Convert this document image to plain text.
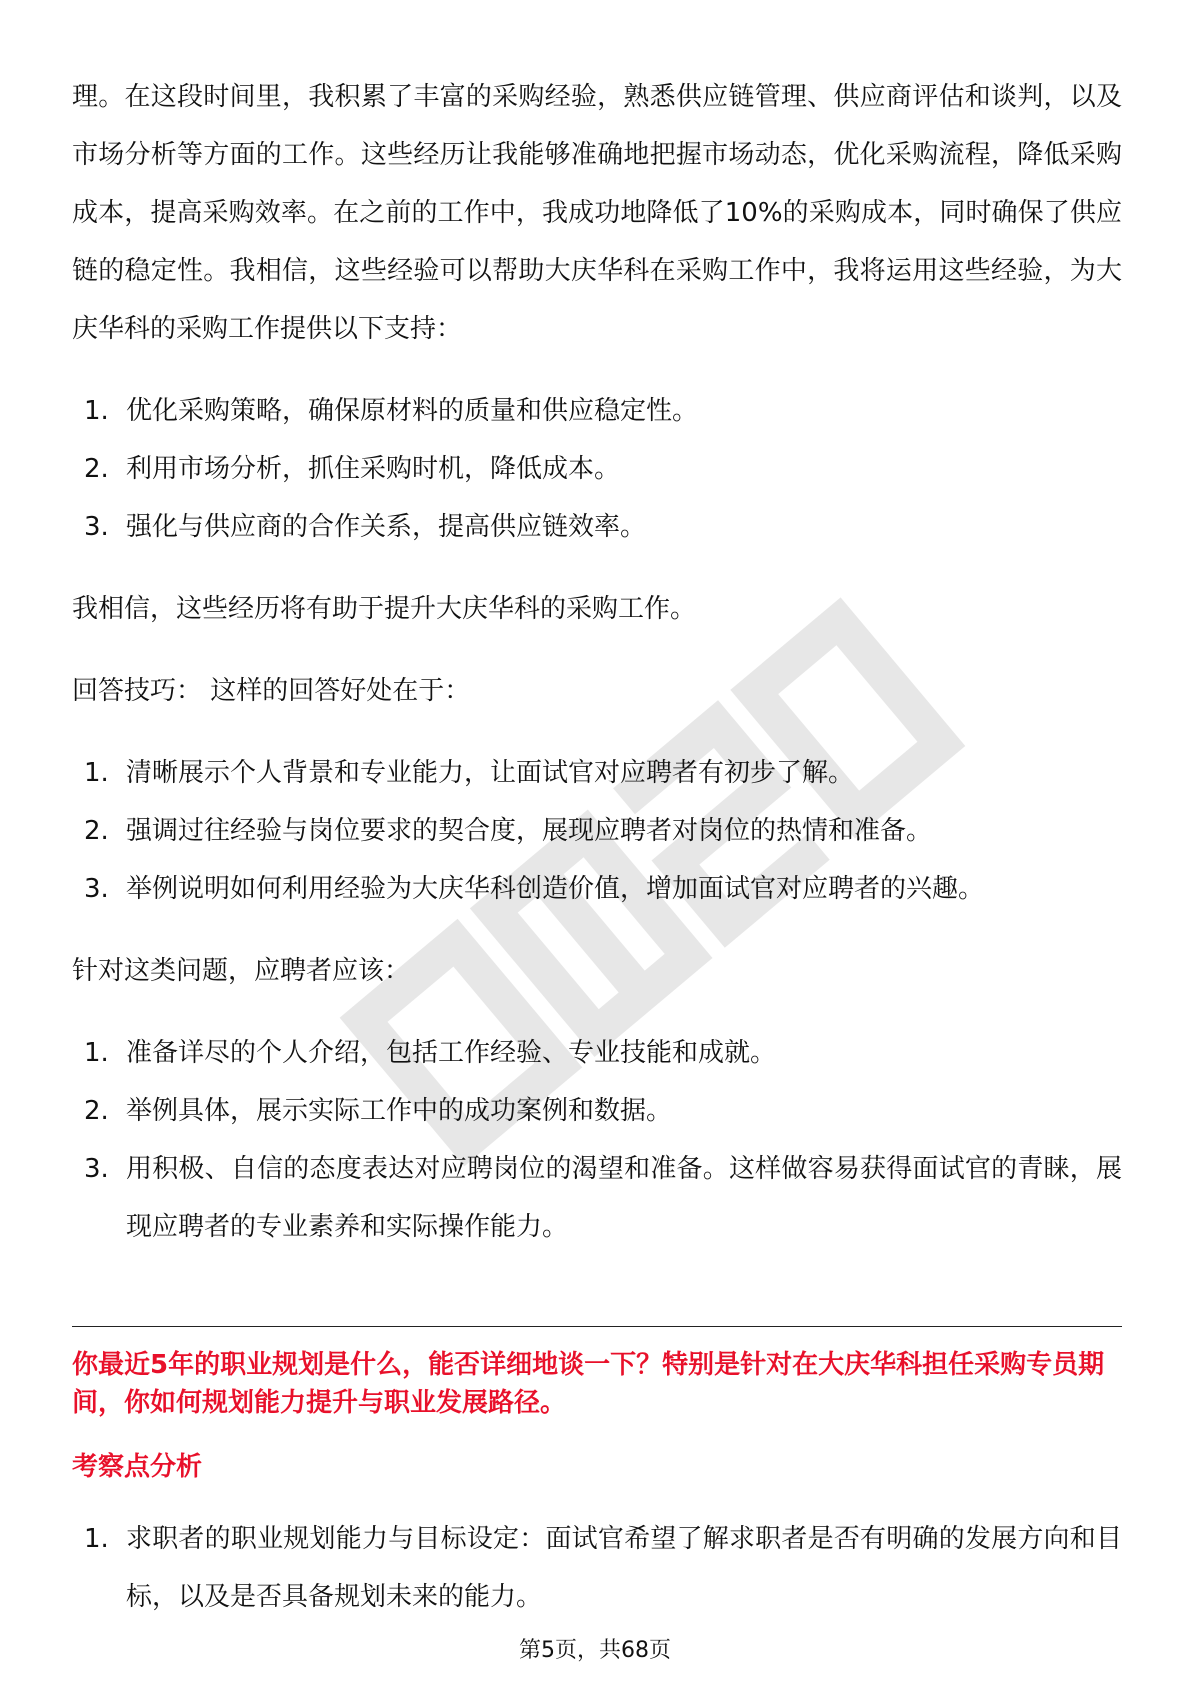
理。在这段时间里，我积累了丰富的采购经验，熟悉供应链管理、供应商评估和谈判，以及市场分析等方面的工作。这些经历让我能够准确地把握市场动态，优化采购流程，降低采购成本，提高采购效率。在之前的工作中，我成功地降低了10%的采购成本，同时确保了供应链的稳定性。我相信，这些经验可以帮助大庆华科在采购工作中，我将运用这些经验，为大庆华科的采购工作提供以下支持：

1. 优化采购策略，确保原材料的质量和供应稳定性。
2. 利用市场分析，抓住采购时机，降低成本。
3. 强化与供应商的合作关系，提高供应链效率。

我相信，这些经历将有助于提升大庆华科的采购工作。

回答技巧： 这样的回答好处在于：

1. 清晰展示个人背景和专业能力，让面试官对应聘者有初步了解。
2. 强调过往经验与岗位要求的契合度，展现应聘者对岗位的热情和准备。
3. 举例说明如何利用经验为大庆华科创造价值，增加面试官对应聘者的兴趣。

针对这类问题，应聘者应该：

1. 准备详尽的个人介绍，包括工作经验、专业技能和成就。
2. 举例具体，展示实际工作中的成功案例和数据。
3. 用积极、自信的态度表达对应聘岗位的渴望和准备。这样做容易获得面试官的青睐，展现应聘者的专业素养和实际操作能力。

你最近5年的职业规划是什么，能否详细地谈一下？特别是针对在大庆华科担任采购专员期间，你如何规划能力提升与职业发展路径。

考察点分析

1. 求职者的职业规划能力与目标设定：面试官希望了解求职者是否有明确的发展方向和目标，以及是否具备规划未来的能力。
第5页，共68页
